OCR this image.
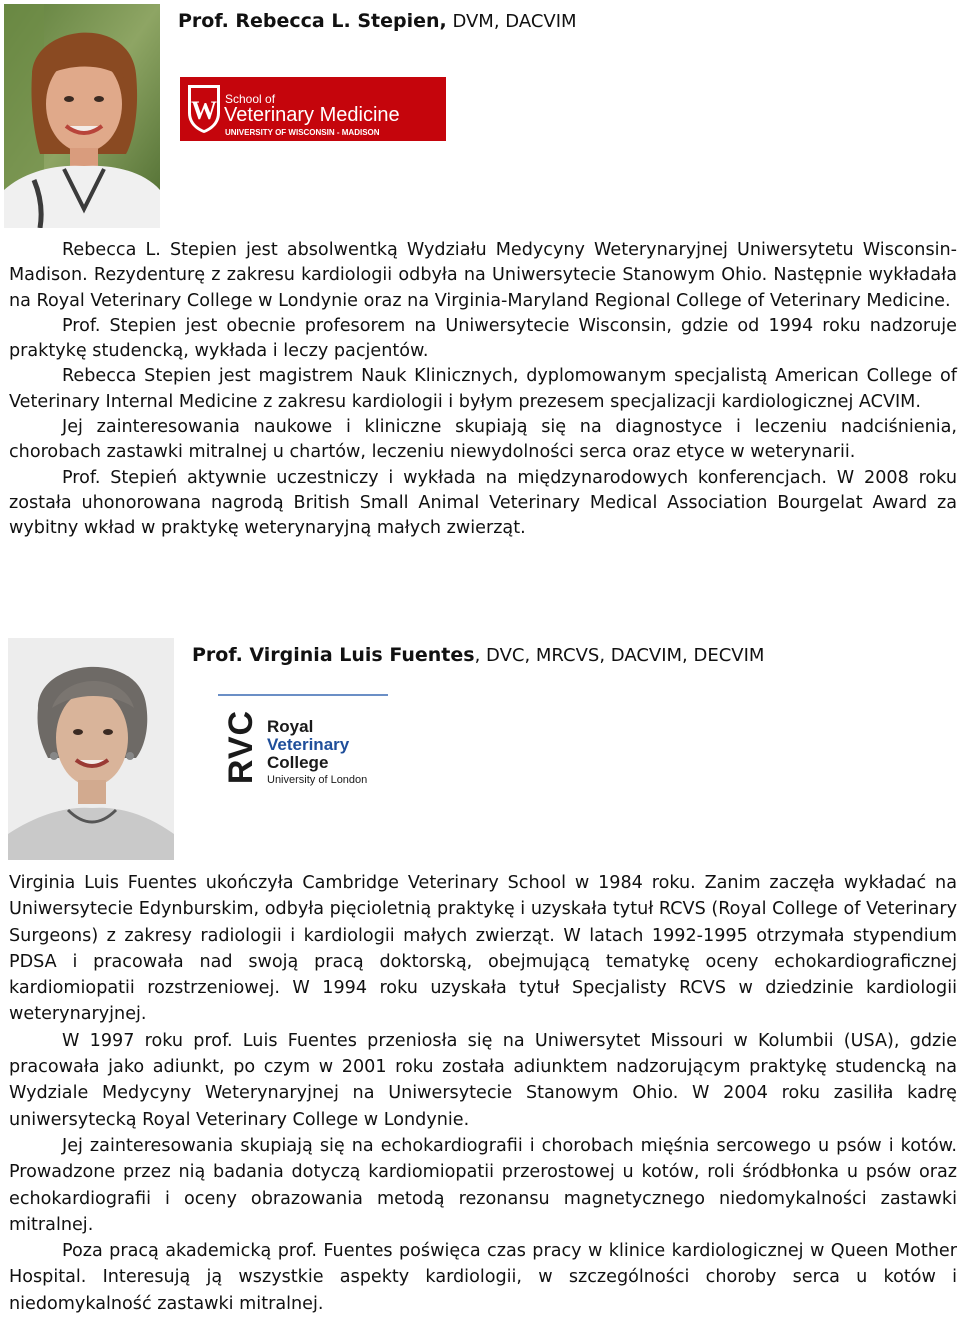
Prof. Rebecca L. Stepien, DVM, DACVIM
W School of
Veterinary Medicine
UNIVERSITY OF WISCONSIN - MADISON
Rebecca L. Stepien jest absolwentką Wydziału Medycyny Weterynaryjnej Uniwersytetu Wisconsin-Madison. Rezydenturę z zakresu kardiologii odbyła na Uniwersytecie Stanowym Ohio. Następnie wykładała na Royal Veterinary College w Londynie oraz na Virginia-Maryland Regional College of Veterinary Medicine.
Prof. Stepien jest obecnie profesorem na Uniwersytecie Wisconsin, gdzie od 1994 roku nadzoruje praktykę studencką, wykłada i leczy pacjentów.
Rebecca Stepien jest magistrem Nauk Klinicznych, dyplomowanym specjalistą American College of Veterinary Internal Medicine z zakresu kardiologii i byłym prezesem specjalizacji kardiologicznej ACVIM.
Jej zainteresowania naukowe i kliniczne skupiają się na diagnostyce i leczeniu nadciśnienia, chorobach zastawki mitralnej u chartów, leczeniu niewydolności serca oraz etyce w weterynarii.
Prof. Stepień aktywnie uczestniczy i wykłada na międzynarodowych konferencjach. W 2008 roku została uhonorowana nagrodą British Small Animal Veterinary Medical Association Bourgelat Award za wybitny wkład w praktykę weterynaryjną małych zwierząt.
Prof. Virginia Luis Fuentes, DVC, MRCVS, DACVIM, DECVIM
RVC Royal
Veterinary
College
University of London
Virginia Luis Fuentes ukończyła Cambridge Veterinary School w 1984 roku. Zanim zaczęła wykładać na Uniwersytecie Edynburskim, odbyła pięcioletnią praktykę i uzyskała tytuł RCVS (Royal College of Veterinary Surgeons) z zakresy radiologii i kardiologii małych zwierząt. W latach 1992-1995 otrzymała stypendium PDSA i pracowała nad swoją pracą doktorską, obejmującą tematykę oceny echokardiograficznej kardiomiopatii rozstrzeniowej. W 1994 roku uzyskała tytuł Specjalisty RCVS w dziedzinie kardiologii weterynaryjnej.
W 1997 roku prof. Luis Fuentes przeniosła się na Uniwersytet Missouri w Kolumbii (USA), gdzie pracowała jako adiunkt, po czym w 2001 roku została adiunktem nadzorującym praktykę studencką na Wydziale Medycyny Weterynaryjnej na Uniwersytecie Stanowym Ohio. W 2004 roku zasiliła kadrę uniwersytecką Royal Veterinary College w Londynie.
Jej zainteresowania skupiają się na echokardiografii i chorobach mięśnia sercowego u psów i kotów. Prowadzone przez nią badania dotyczą kardiomiopatii przerostowej u kotów, roli śródbłonka u psów oraz echokardiografii i oceny obrazowania metodą rezonansu magnetycznego niedomykalności zastawki mitralnej.
Poza pracą akademicką prof. Fuentes poświęca czas pracy w klinice kardiologicznej w Queen Mother Hospital. Interesują ją wszystkie aspekty kardiologii, w szczególności choroby serca u kotów i niedomykalność zastawki mitralnej.
